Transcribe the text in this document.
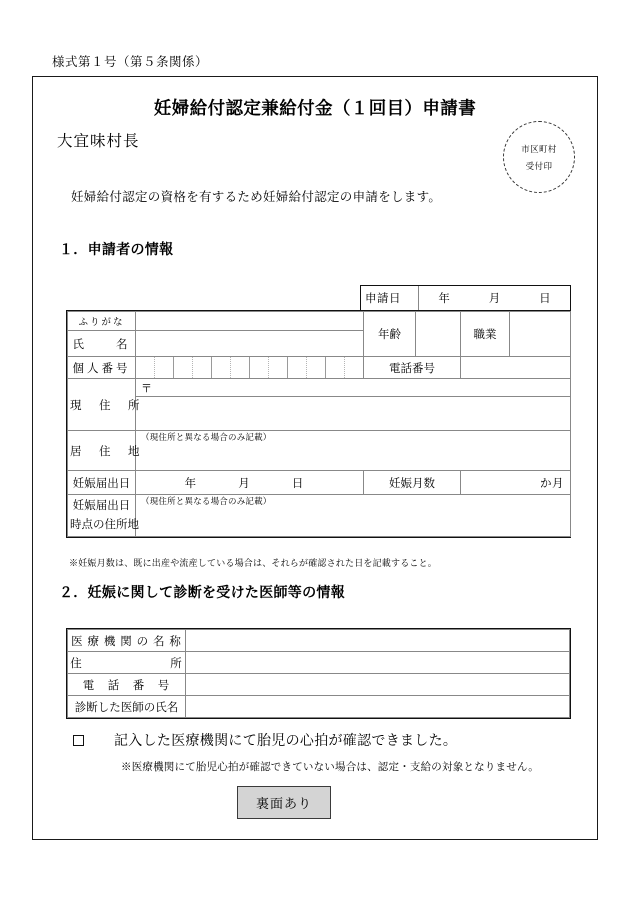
様式第１号（第５条関係）
妊婦給付認定兼給付金（１回目）申請書
大宜味村長	市区町村
受付印
妊婦給付認定の資格を有するため妊婦給付認定の申請をします。
１．申請者の情報
申請日	年	月	日
ふりがな		年齢		職業	
氏　　名					
個人番号		電話番号			
現　住　所	〒				

居　住　地	（現住所と異なる場合のみ記載）				

妊娠届出日	年 月 日	妊娠月数		か月	

妊娠届出日
時点の住所地	（現住所と異なる場合のみ記載）				
※妊娠月数は、既に出産や流産している場合は、それらが確認された日を記載すること。
２．妊娠に関して診断を受けた医師等の情報
医 療 機 関 の 名 称	
住　　　　　　　所	
電　話　番　号	
診断した医師の氏名	
記入した医療機関にて胎児の心拍が確認できました。
※医療機関にて胎児心拍が確認できていない場合は、認定・支給の対象となりません。
裏面あり
